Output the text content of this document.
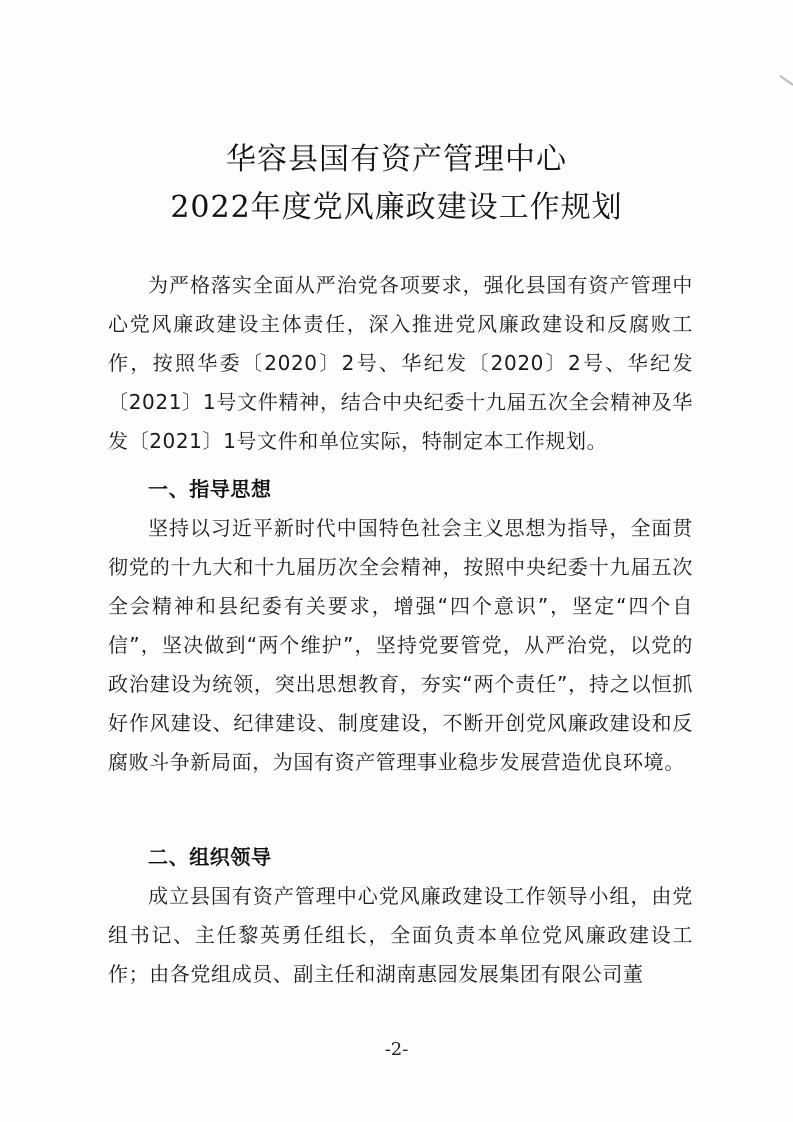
华容县国有资产管理中心
2022年度党风廉政建设工作规划

为严格落实全面从严治党各项要求，强化县国有资产管理中心党风廉政建设主体责任，深入推进党风廉政建设和反腐败工作，按照华委〔2020〕2号、华纪发〔2020〕2号、华纪发〔2021〕1号文件精神，结合中央纪委十九届五次全会精神及华发〔2021〕1号文件和单位实际，特制定本工作规划。

一、指导思想

坚持以习近平新时代中国特色社会主义思想为指导，全面贯彻党的十九大和十九届历次全会精神，按照中央纪委十九届五次全会精神和县纪委有关要求，增强“四个意识”，坚定“四个自信”，坚决做到“两个维护”，坚持党要管党，从严治党，以党的政治建设为统领，突出思想教育，夯实“两个责任”，持之以恒抓好作风建设、纪律建设、制度建设，不断开创党风廉政建设和反腐败斗争新局面，为国有资产管理事业稳步发展营造优良环境。

二、组织领导

成立县国有资产管理中心党风廉政建设工作领导小组，由党组书记、主任黎英勇任组长，全面负责本单位党风廉政建设工作；由各党组成员、副主任和湖南惠园发展集团有限公司董

-2-
